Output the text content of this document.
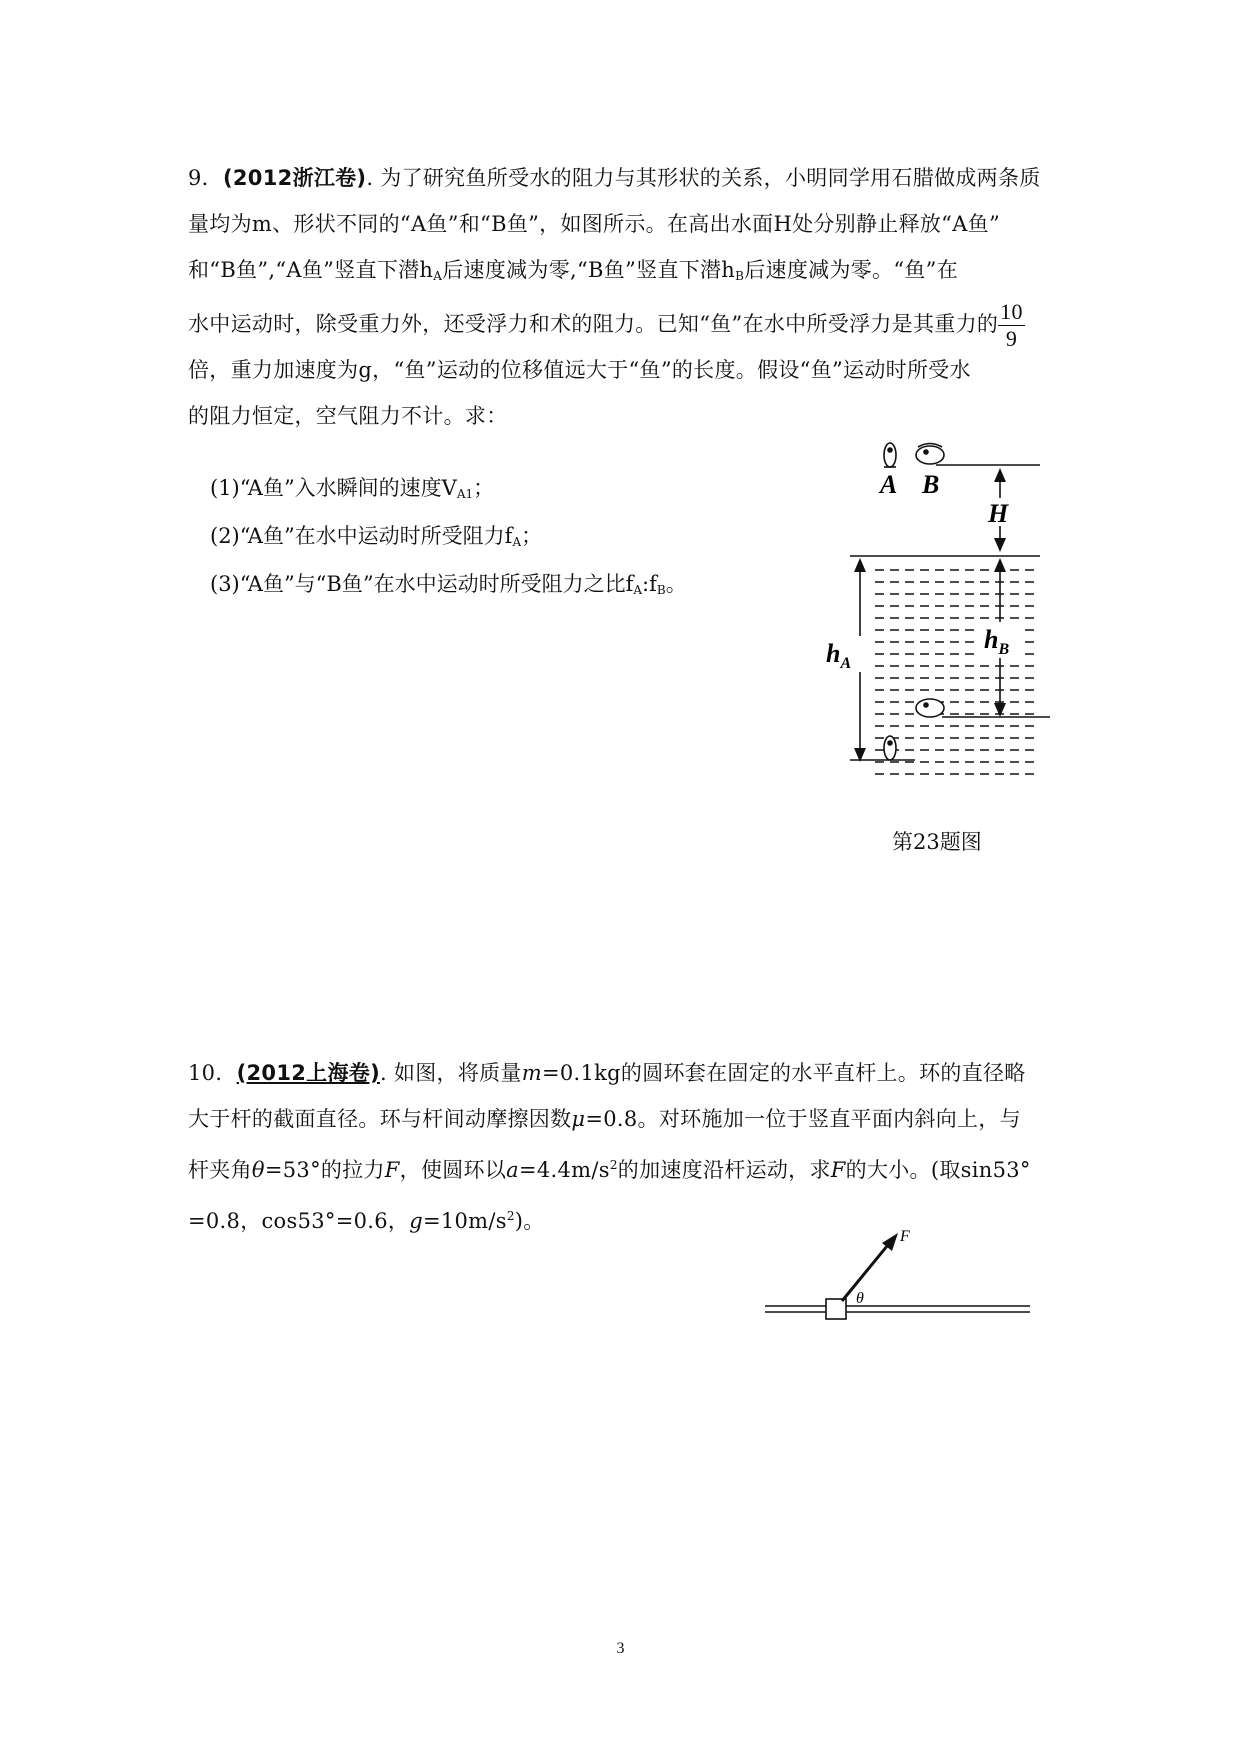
9．(2012浙江卷). 为了研究鱼所受水的阻力与其形状的关系，小明同学用石腊做成两条质
量均为m、形状不同的“A鱼”和“B鱼”，如图所示。在高出水面H处分别静止释放“A鱼”
和“B鱼”,“A鱼”竖直下潜$h_A$后速度减为零,“B鱼”竖直下潜$h_B$后速度减为零。“鱼”在
水中运动时，除受重力外，还受浮力和术的阻力。已知“鱼”在水中所受浮力是其重力的 $\frac{10}{9}$
倍，重力加速度为g，“鱼”运动的位移值远大于“鱼”的长度。假设“鱼”运动时所受水
的阻力恒定，空气阻力不计。求：
(1)“A鱼”入水瞬间的速度$V_{A1}$；
(2)“A鱼”在水中运动时所受阻力$f_A$；
(3)“A鱼”与“B鱼”在水中运动时所受阻力之比$f_A:f_B$。
A B
H
$h_A$
$h_B$
第23题图
10．(2012上海卷). 如图，将质量m=0.1kg的圆环套在固定的水平直杆上。环的直径略
大于杆的截面直径。环与杆间动摩擦因数μ=0.8。对环施加一位于竖直平面内斜向上，与
杆夹角θ=53°的拉力F，使圆环以$a=4.4m/s^2$的加速度沿杆运动，求F的大小。(取sin53°
=0.8，cos53°=0.6，$g=10m/s^2$)。
F
θ
3
